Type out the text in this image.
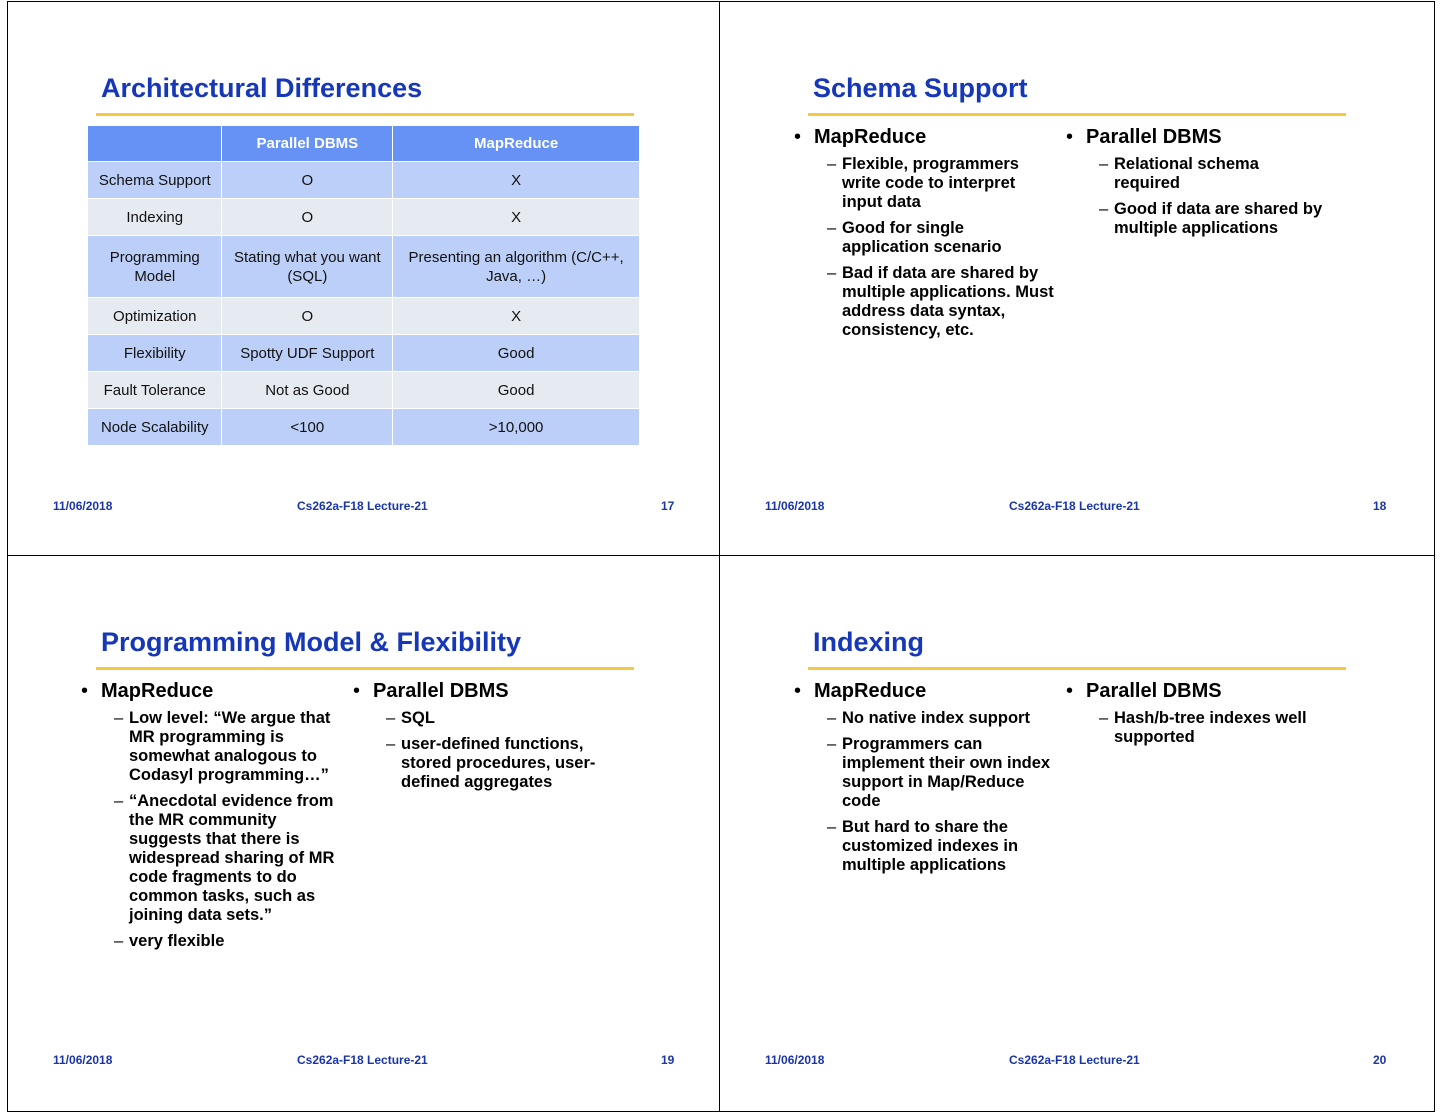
Architectural Differences
	Parallel DBMS	MapReduce
Schema Support	O	X
Indexing	O	X
Programming Model	Stating what you want (SQL)	Presenting an algorithm (C/C++, Java, …)
Optimization	O	X
Flexibility	Spotty UDF Support	Good
Fault Tolerance	Not as Good	Good
Node Scalability	<100	>10,000
11/06/2018	Cs262a-F18 Lecture-21	17
Schema Support
• MapReduce
– Flexible, programmers write code to interpret input data
– Good for single application scenario
– Bad if data are shared by multiple applications. Must address data syntax, consistency, etc.
• Parallel DBMS
– Relational schema required
– Good if data are shared by multiple applications
11/06/2018	Cs262a-F18 Lecture-21	18
Programming Model & Flexibility
• MapReduce
– Low level: “We argue that MR programming is somewhat analogous to Codasyl programming…”
– “Anecdotal evidence from the MR community suggests that there is widespread sharing of MR code fragments to do common tasks, such as joining data sets.”
– very flexible
• Parallel DBMS
– SQL
– user-defined functions, stored procedures, user-defined aggregates
11/06/2018	Cs262a-F18 Lecture-21	19
Indexing
• MapReduce
– No native index support
– Programmers can implement their own index support in Map/Reduce code
– But hard to share the customized indexes in multiple applications
• Parallel DBMS
– Hash/b-tree indexes well supported
11/06/2018	Cs262a-F18 Lecture-21	20
